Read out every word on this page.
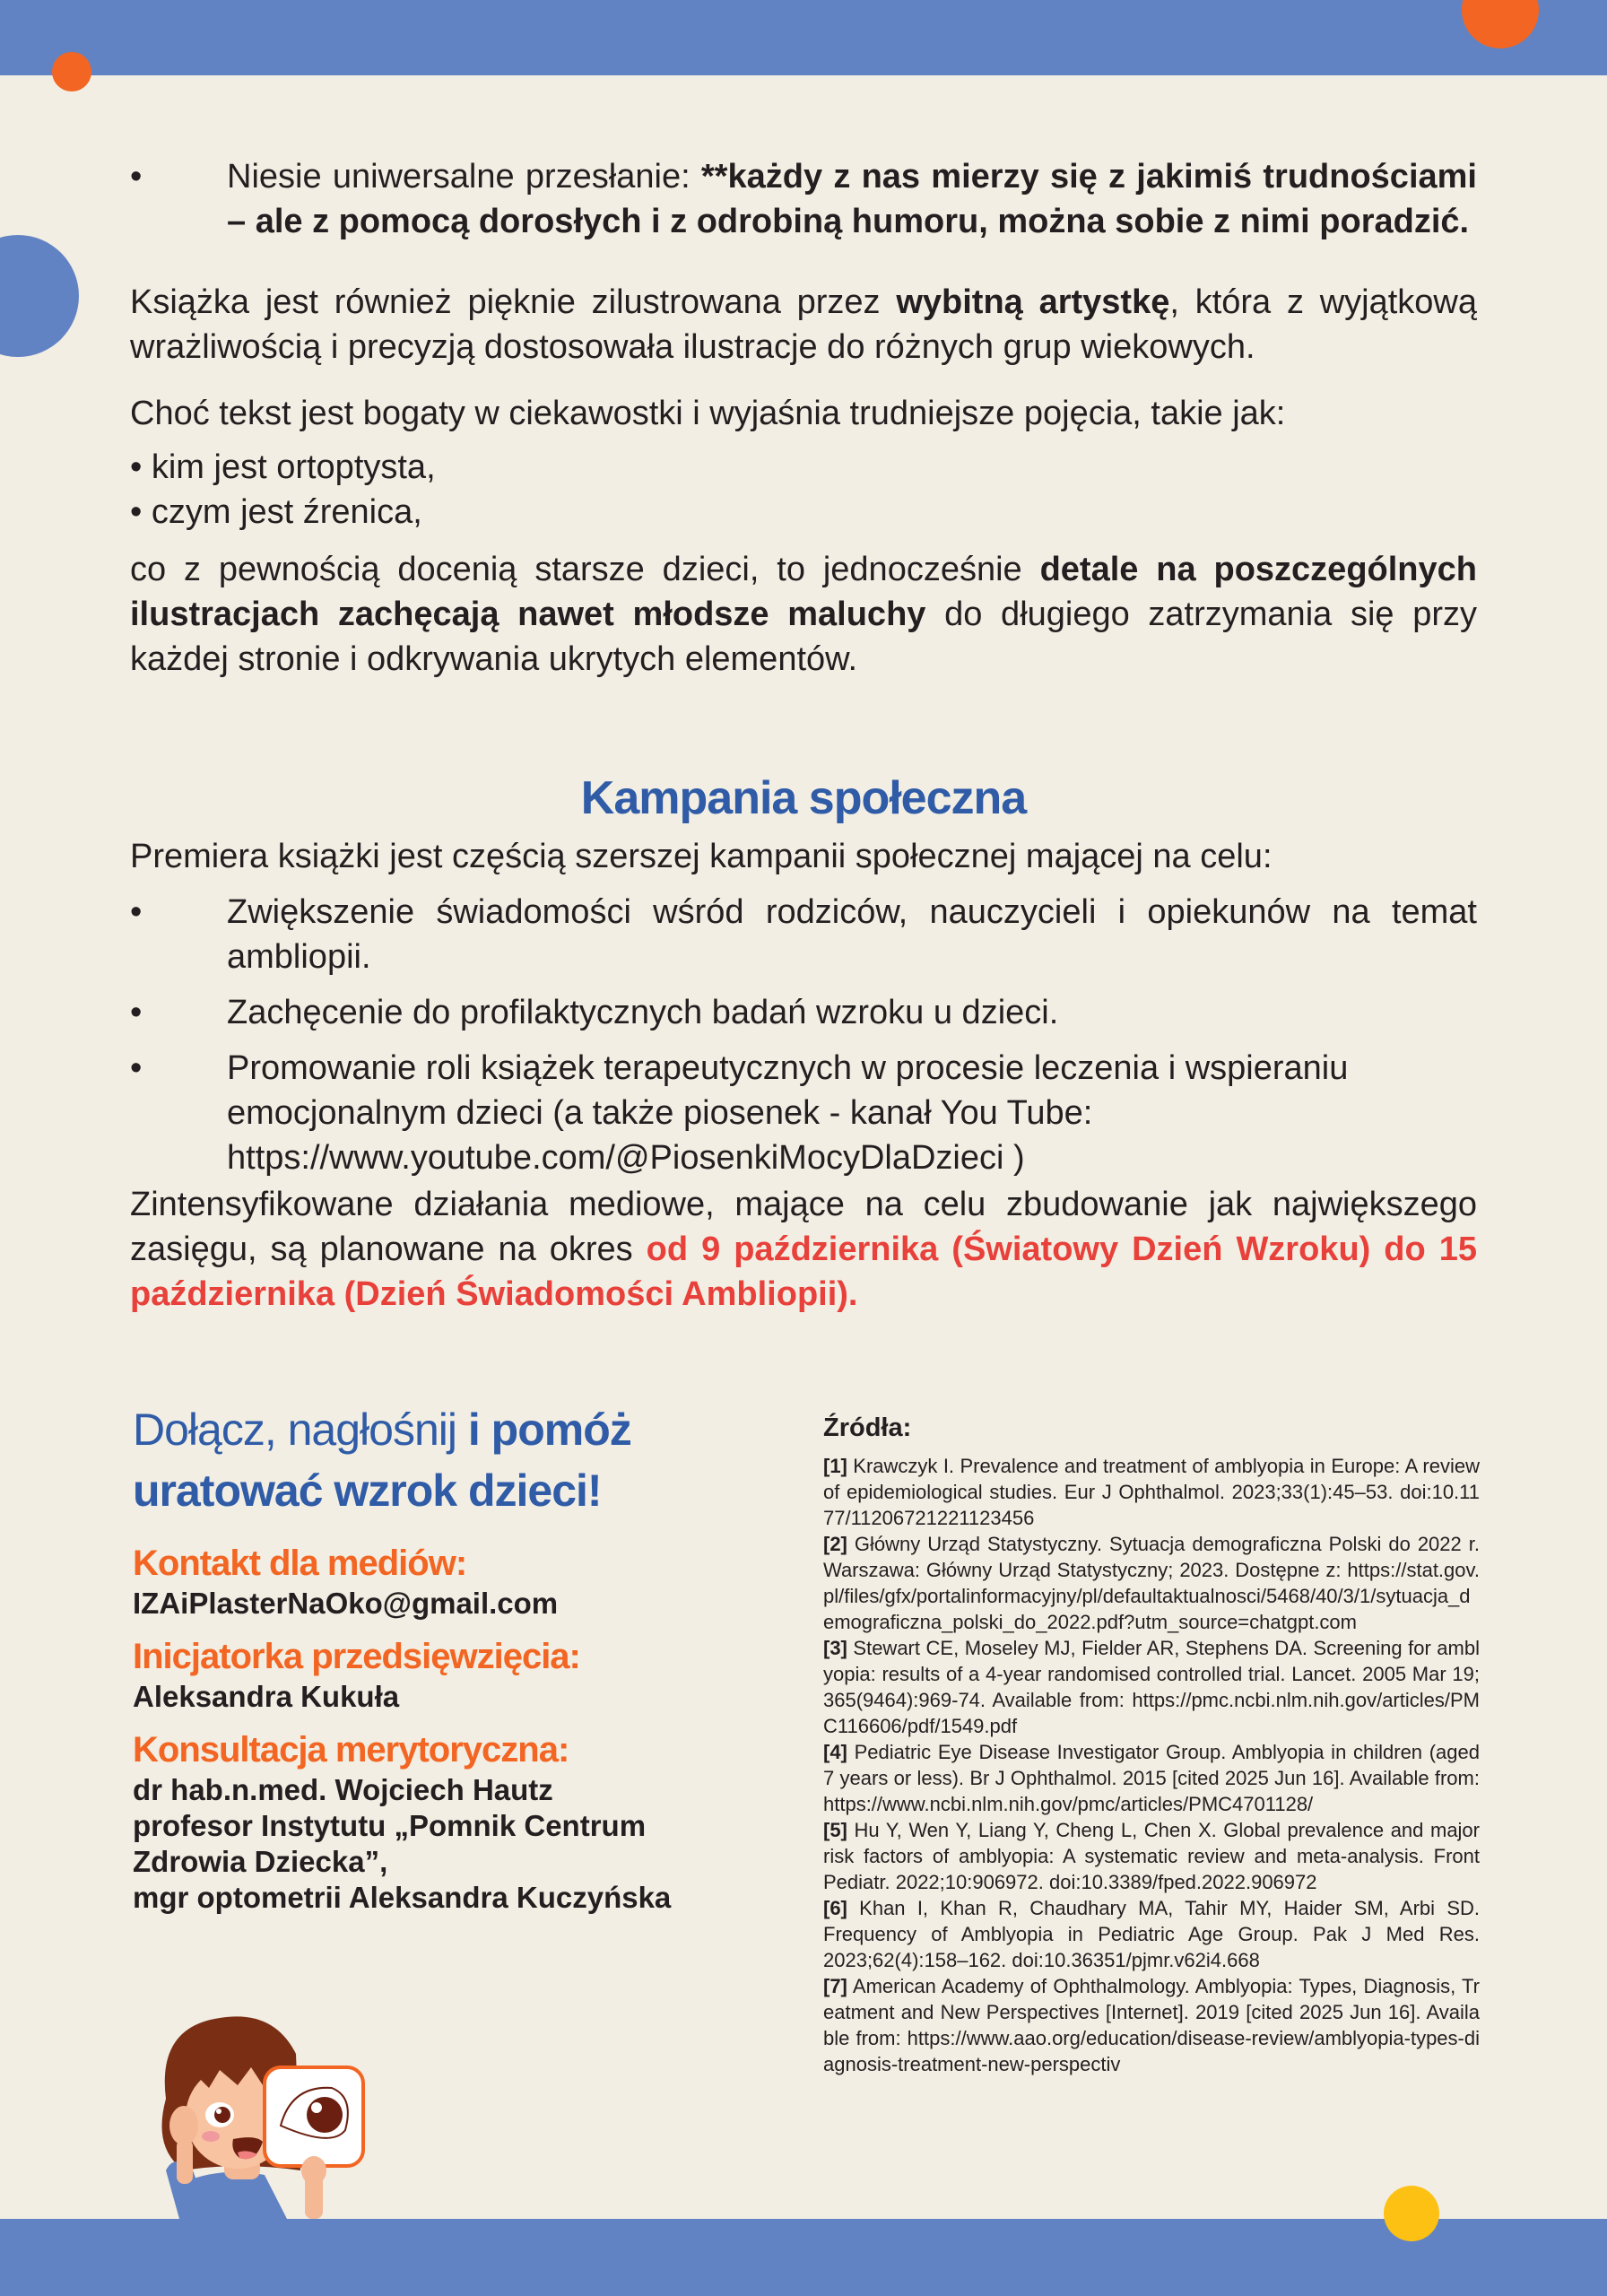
• Niesie uniwersalne przesłanie: **każdy z nas mierzy się z jakimiś trudnościami – ale z pomocą dorosłych i z odrobiną humoru, można sobie z nimi poradzić.
Książka jest również pięknie zilustrowana przez wybitną artystkę, która z wyjątkową wrażliwością i precyzją dostosowała ilustracje do różnych grup wiekowych.
Choć tekst jest bogaty w ciekawostki i wyjaśnia trudniejsze pojęcia, takie jak:
• kim jest ortoptysta,
• czym jest źrenica,
co z pewnością docenią starsze dzieci, to jednocześnie detale na poszczególnych ilustracjach zachęcają nawet młodsze maluchy do długiego zatrzymania się przy każdej stronie i odkrywania ukrytych elementów.
Kampania społeczna
Premiera książki jest częścią szerszej kampanii społecznej mającej na celu:
• Zwiększenie świadomości wśród rodziców, nauczycieli i opiekunów na temat ambliopii.
• Zachęcenie do profilaktycznych badań wzroku u dzieci.
• Promowanie roli książek terapeutycznych w procesie leczenia i wspieraniu emocjonalnym dzieci (a także piosenek - kanał You Tube: https://www.youtube.com/@PiosenkiMocyDlaDzieci )
Zintensyfikowane działania mediowe, mające na celu zbudowanie jak największego zasięgu, są planowane na okres od 9 października (Światowy Dzień Wzroku) do 15 października (Dzień Świadomości Ambliopii).
Dołącz, nagłośnij i pomóż
uratować wzrok dzieci!
Kontakt dla mediów:
IZAiPlasterNaOko@gmail.com
Inicjatorka przedsięwzięcia:
Aleksandra Kukuła
Konsultacja merytoryczna:
dr hab.n.med. Wojciech Hautz
profesor Instytutu „Pomnik Centrum
Zdrowia Dziecka”,
mgr optometrii Aleksandra Kuczyńska
Źródła:
[1] Krawczyk I. Prevalence and treatment of amblyopia in Europe: A review of epidemiological studies. Eur J Ophthalmol. 2023;33(1):45–53. doi:10.1177/11206721221123456
[2] Główny Urząd Statystyczny. Sytuacja demograficzna Polski do 2022 r. Warszawa: Główny Urząd Statystyczny; 2023. Dostępne z: https://stat.gov.pl/files/gfx/portalinformacyjny/pl/defaultaktualnosci/5468/40/3/1/sytuacja_demograficzna_polski_do_2022.pdf?utm_source=chatgpt.com
[3] Stewart CE, Moseley MJ, Fielder AR, Stephens DA. Screening for amblyopia: results of a 4-year randomised controlled trial. Lancet. 2005 Mar 19;365(9464):969-74. Available from: https://pmc.ncbi.nlm.nih.gov/articles/PMC116606/pdf/1549.pdf
[4] Pediatric Eye Disease Investigator Group. Amblyopia in children (aged 7 years or less). Br J Ophthalmol. 2015 [cited 2025 Jun 16]. Available from: https://www.ncbi.nlm.nih.gov/pmc/articles/PMC4701128/
[5] Hu Y, Wen Y, Liang Y, Cheng L, Chen X. Global prevalence and major risk factors of amblyopia: A systematic review and meta-analysis. Front Pediatr. 2022;10:906972. doi:10.3389/fped.2022.906972
[6] Khan I, Khan R, Chaudhary MA, Tahir MY, Haider SM, Arbi SD. Frequency of Amblyopia in Pediatric Age Group. Pak J Med Res. 2023;62(4):158–162. doi:10.36351/pjmr.v62i4.668
[7] American Academy of Ophthalmology. Amblyopia: Types, Diagnosis, Treatment and New Perspectives [Internet]. 2019 [cited 2025 Jun 16]. Available from: https://www.aao.org/education/disease-review/amblyopia-types-diagnosis-treatment-new-perspectiv
